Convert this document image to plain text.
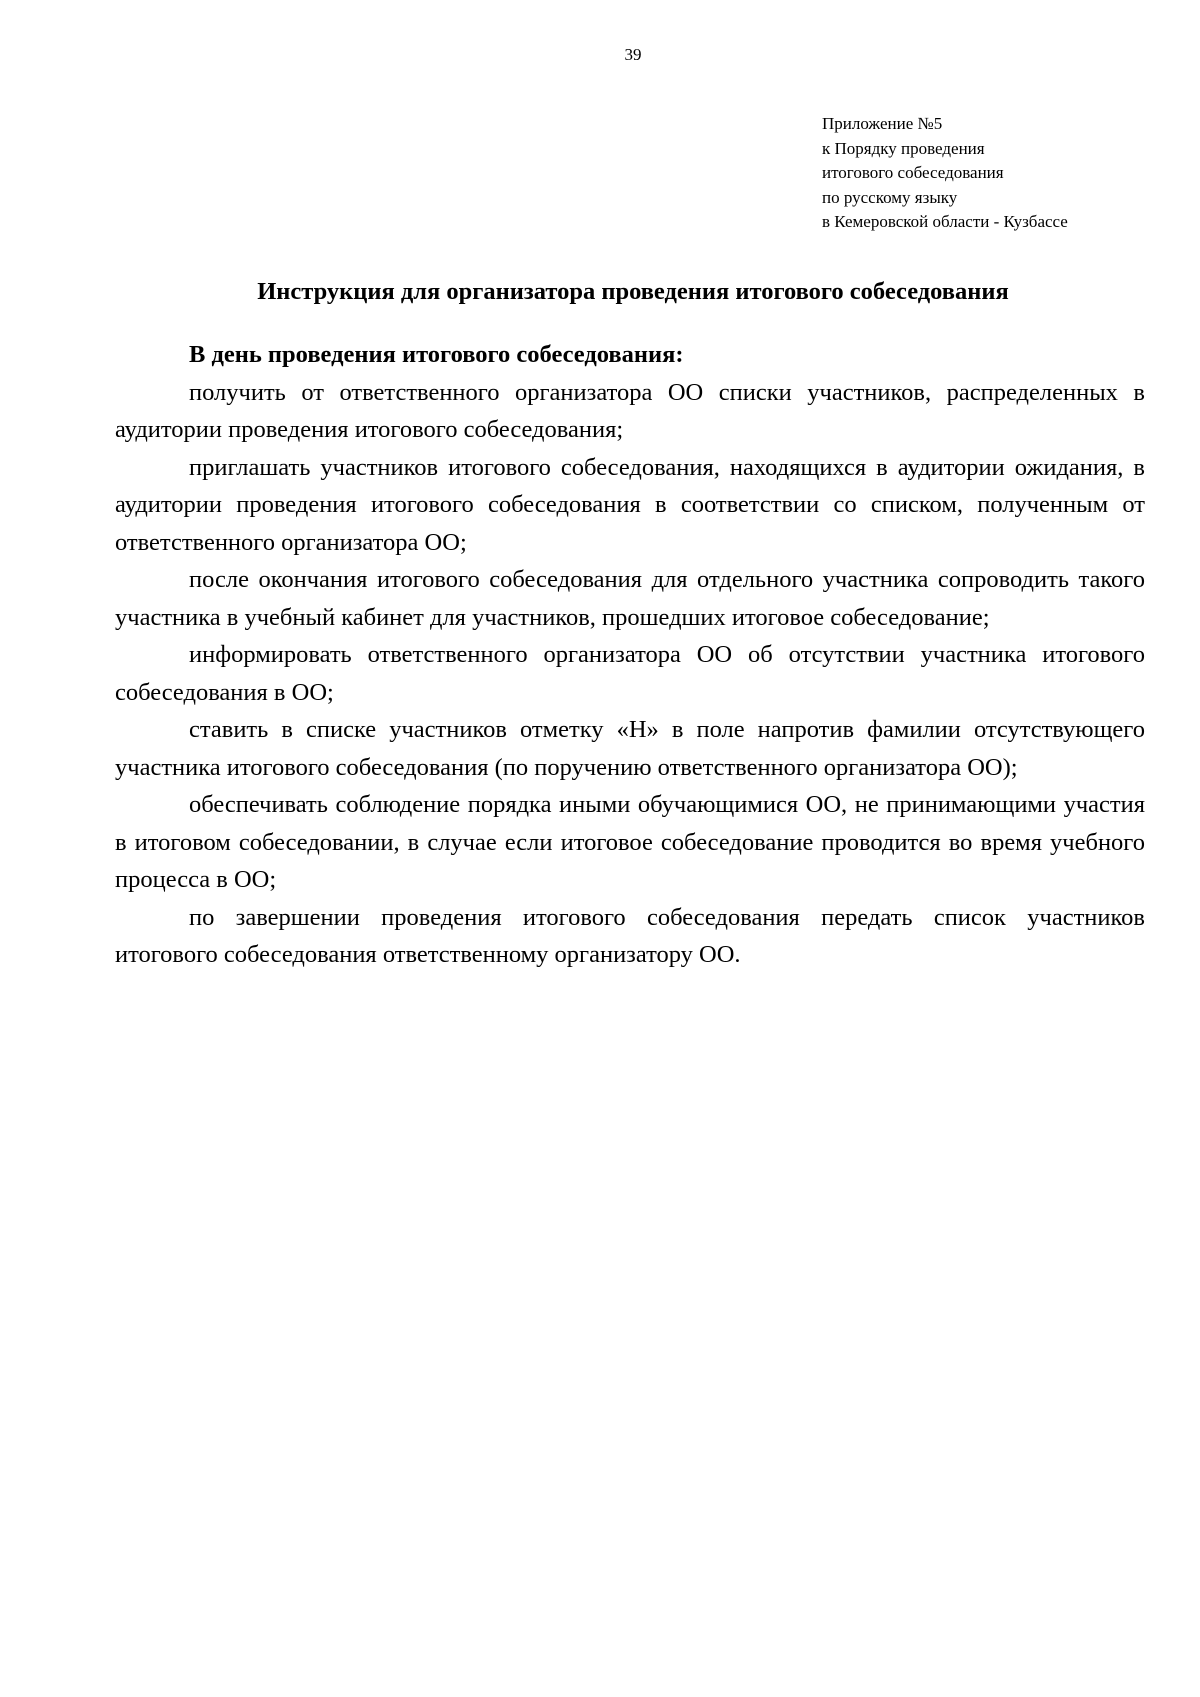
39
Приложение №5
к Порядку проведения
итогового собеседования
по русскому языку
в Кемеровской области - Кузбассе
Инструкция для организатора проведения итогового собеседования

В день проведения итогового собеседования:

получить от ответственного организатора ОО списки участников, распределенных в аудитории проведения итогового собеседования;

приглашать участников итогового собеседования, находящихся в аудитории ожидания, в аудитории проведения итогового собеседования в соответствии со списком, полученным от ответственного организатора ОО;

после окончания итогового собеседования для отдельного участника сопроводить такого участника в учебный кабинет для участников, прошедших итоговое собеседование;

информировать ответственного организатора ОО об отсутствии участника итогового собеседования в ОО;

ставить в списке участников отметку «Н» в поле напротив фамилии отсутствующего участника итогового собеседования (по поручению ответственного организатора ОО);

обеспечивать соблюдение порядка иными обучающимися ОО, не принимающими участия в итоговом собеседовании, в случае если итоговое собеседование проводится во время учебного процесса в ОО;

по завершении проведения итогового собеседования передать список участников итогового собеседования ответственному организатору ОО.
